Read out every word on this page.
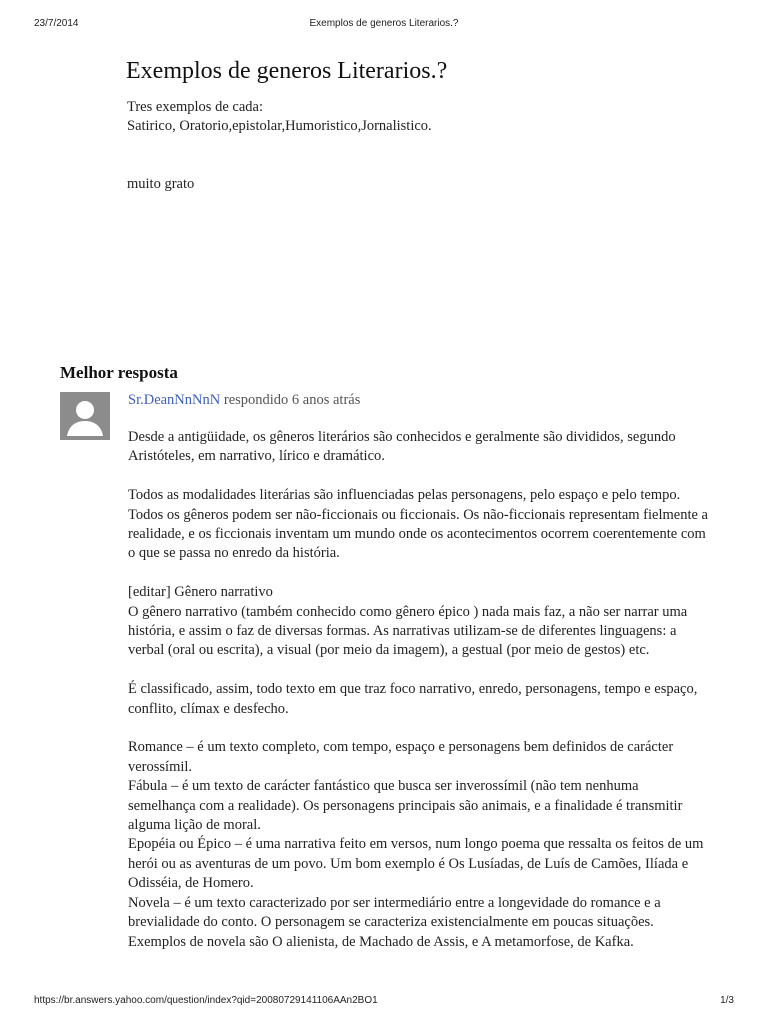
23/7/2014	Exemplos de generos Literarios.?
Exemplos de generos Literarios.?

Tres exemplos de cada:

Satirico, Oratorio,epistolar,Humoristico,Jornalistico.

muito grato

Melhor resposta
Sr.DeanNnNnN respondido 6 anos atrás

Desde a antigüidade, os gêneros literários são conhecidos e geralmente são divididos, segundo Aristóteles, em narrativo, lírico e dramático.

Todos as modalidades literárias são influenciadas pelas personagens, pelo espaço e pelo tempo. Todos os gêneros podem ser não-ficcionais ou ficcionais. Os não-ficcionais representam fielmente a realidade, e os ficcionais inventam um mundo onde os acontecimentos ocorrem coerentemente com o que se passa no enredo da história.

[editar] Gênero narrativo

O gênero narrativo (também conhecido como gênero épico ) nada mais faz, a não ser narrar uma história, e assim o faz de diversas formas. As narrativas utilizam-se de diferentes linguagens: a verbal (oral ou escrita), a visual (por meio da imagem), a gestual (por meio de gestos) etc.

É classificado, assim, todo texto em que traz foco narrativo, enredo, personagens, tempo e espaço, conflito, clímax e desfecho.

Romance – é um texto completo, com tempo, espaço e personagens bem definidos de carácter verossímil.

Fábula – é um texto de carácter fantástico que busca ser inverossímil (não tem nenhuma semelhança com a realidade). Os personagens principais são animais, e a finalidade é transmitir alguma lição de moral.

Epopéia ou Épico – é uma narrativa feito em versos, num longo poema que ressalta os feitos de um herói ou as aventuras de um povo. Um bom exemplo é Os Lusíadas, de Luís de Camões, Ilíada e Odisséia, de Homero.

Novela – é um texto caracterizado por ser intermediário entre a longevidade do romance e a brevialidade do conto. O personagem se caracteriza existencialmente em poucas situações. Exemplos de novela são O alienista, de Machado de Assis, e A metamorfose, de Kafka.

https://br.answers.yahoo.com/question/index?qid=20080729141106AAn2BO1	1/3
